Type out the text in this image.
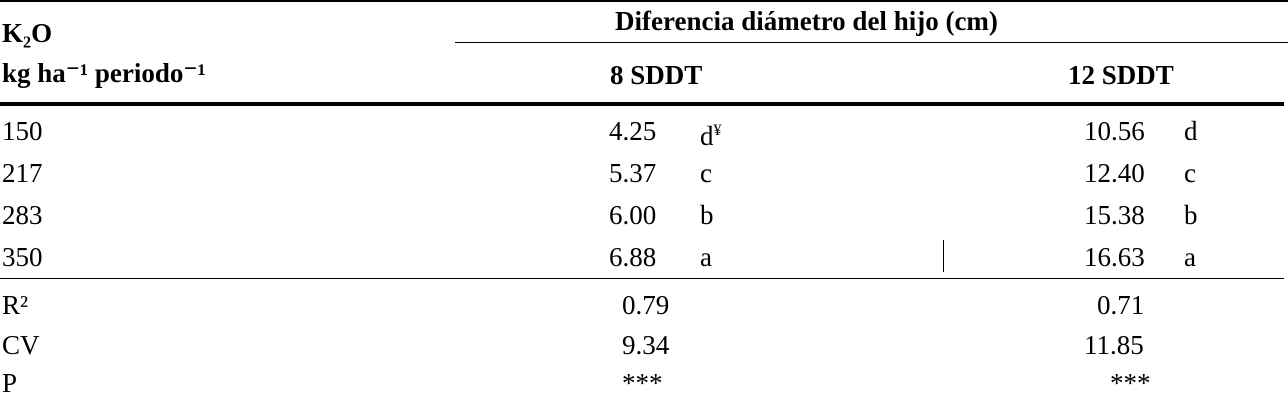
K₂O
kg ha⁻¹ periodo⁻¹
Diferencia diámetro del hijo (cm)
8 SDDT	12 SDDT
150	4.25 d¥	10.56 d
217	5.37 c	12.40 c
283	6.00 b	15.38 b
350	6.88 a	16.63 a
R²	0.79	0.71
CV	9.34	11.85
P	***	***
